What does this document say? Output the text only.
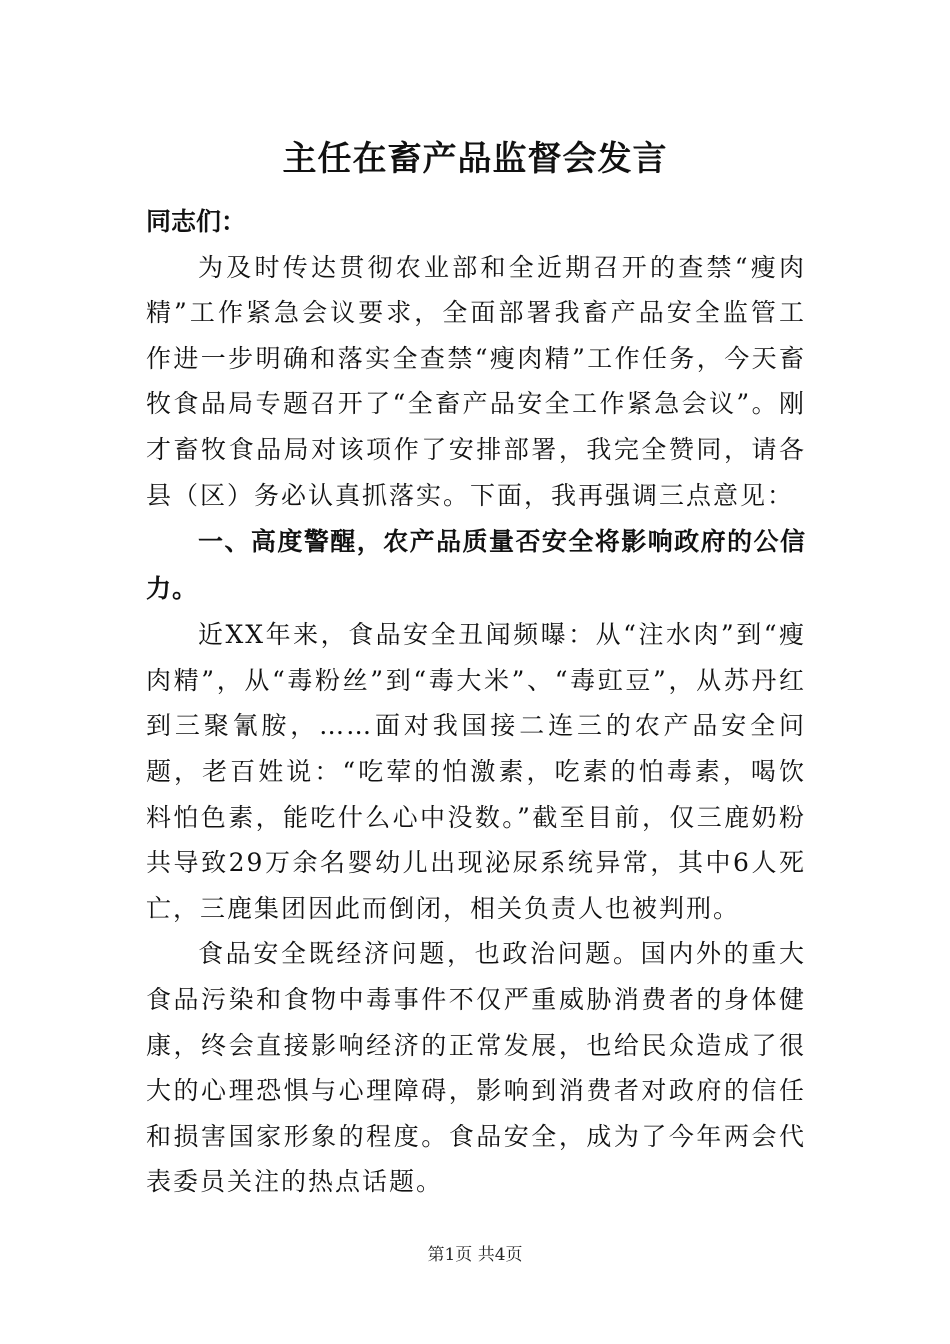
主任在畜产品监督会发言

同志们：

为及时传达贯彻农业部和全近期召开的查禁“瘦肉精”工作紧急会议要求，全面部署我畜产品安全监管工作进一步明确和落实全查禁“瘦肉精”工作任务，今天畜牧食品局专题召开了“全畜产品安全工作紧急会议”。刚才畜牧食品局对该项作了安排部署，我完全赞同，请各县（区）务必认真抓落实。下面，我再强调三点意见：

一、高度警醒，农产品质量否安全将影响政府的公信力。

近XX年来，食品安全丑闻频曝：从“注水肉”到“瘦肉精”，从“毒粉丝”到“毒大米”、“毒豇豆”，从苏丹红到三聚氰胺，……面对我国接二连三的农产品安全问题，老百姓说：“吃荤的怕激素，吃素的怕毒素，喝饮料怕色素，能吃什么心中没数。”截至目前，仅三鹿奶粉共导致29万余名婴幼儿出现泌尿系统异常，其中6人死亡，三鹿集团因此而倒闭，相关负责人也被判刑。

食品安全既经济问题，也政治问题。国内外的重大食品污染和食物中毒事件不仅严重威胁消费者的身体健康，终会直接影响经济的正常发展，也给民众造成了很大的心理恐惧与心理障碍，影响到消费者对政府的信任和损害国家形象的程度。食品安全，成为了今年两会代表委员关注的热点话题。

第1页 共4页
